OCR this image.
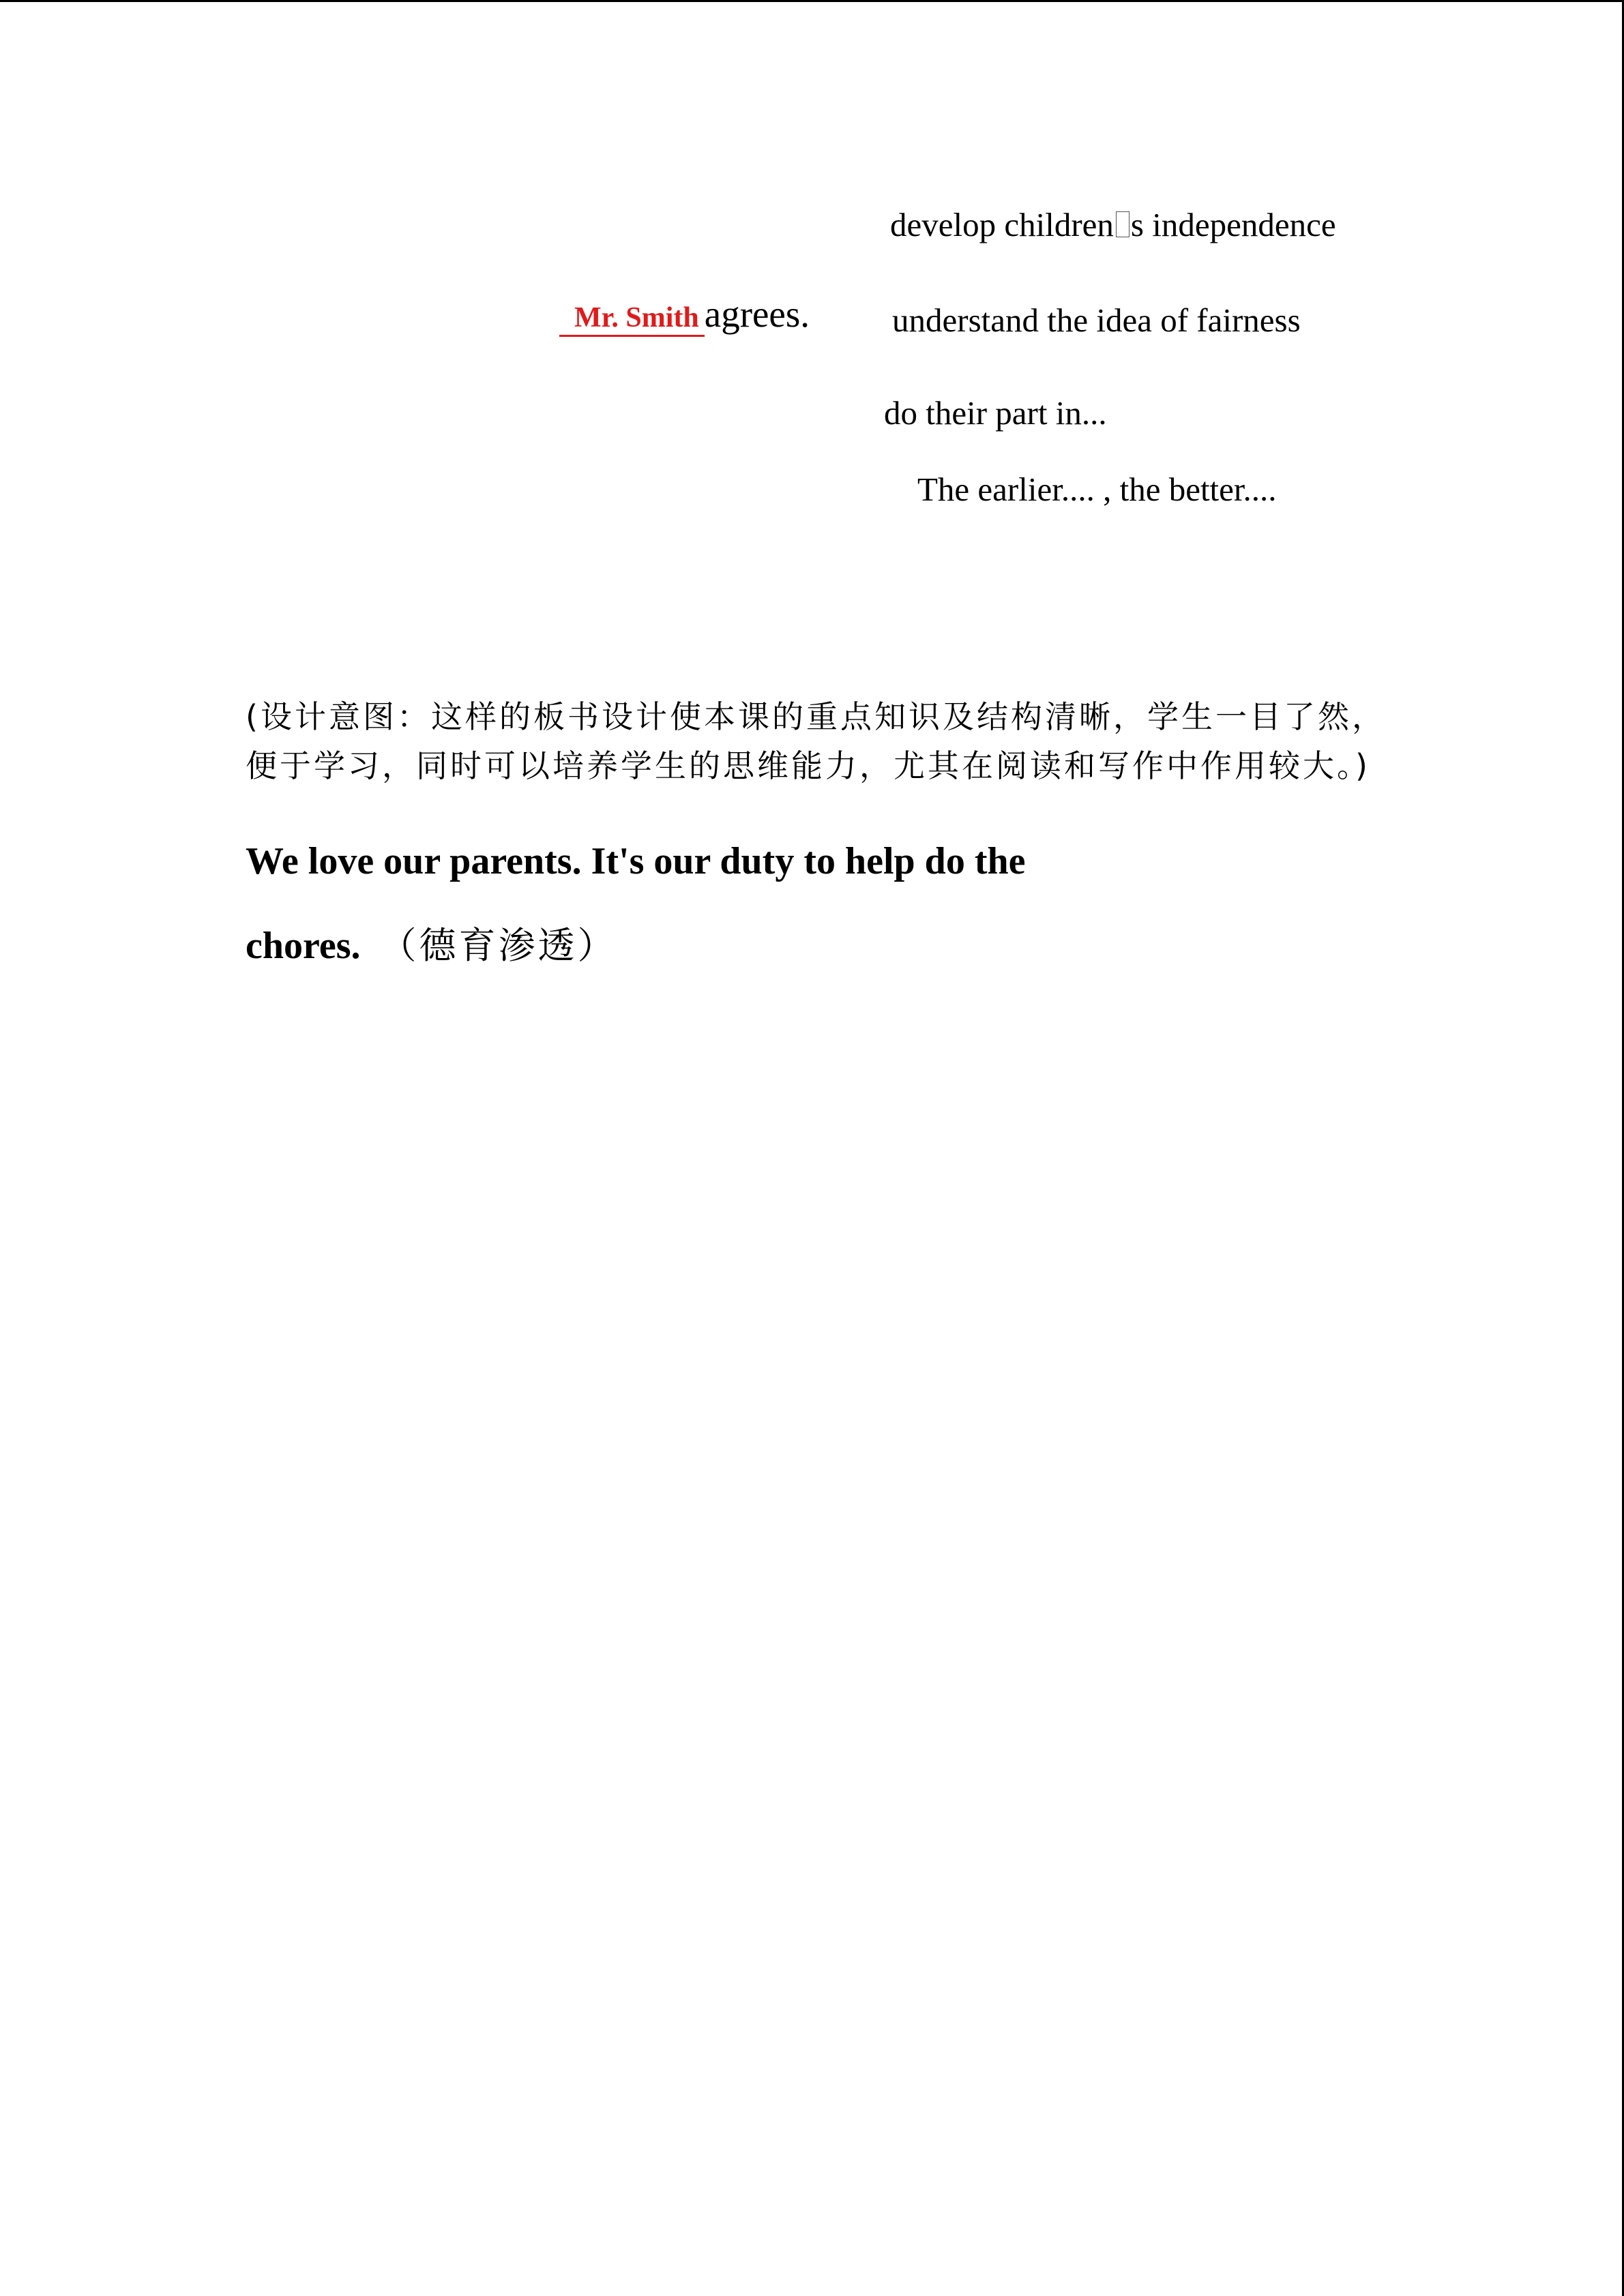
develop children s independence
Mr. Smith agrees. understand the idea of fairness
do their part in...
The earlier.... , the better....
(设计意图：这样的板书设计使本课的重点知识及结构清晰，学生一目了然，便于学习，同时可以培养学生的思维能力，尤其在阅读和写作中作用较大。)
We love our parents. It's our duty to help do the chores. （德育渗透）
